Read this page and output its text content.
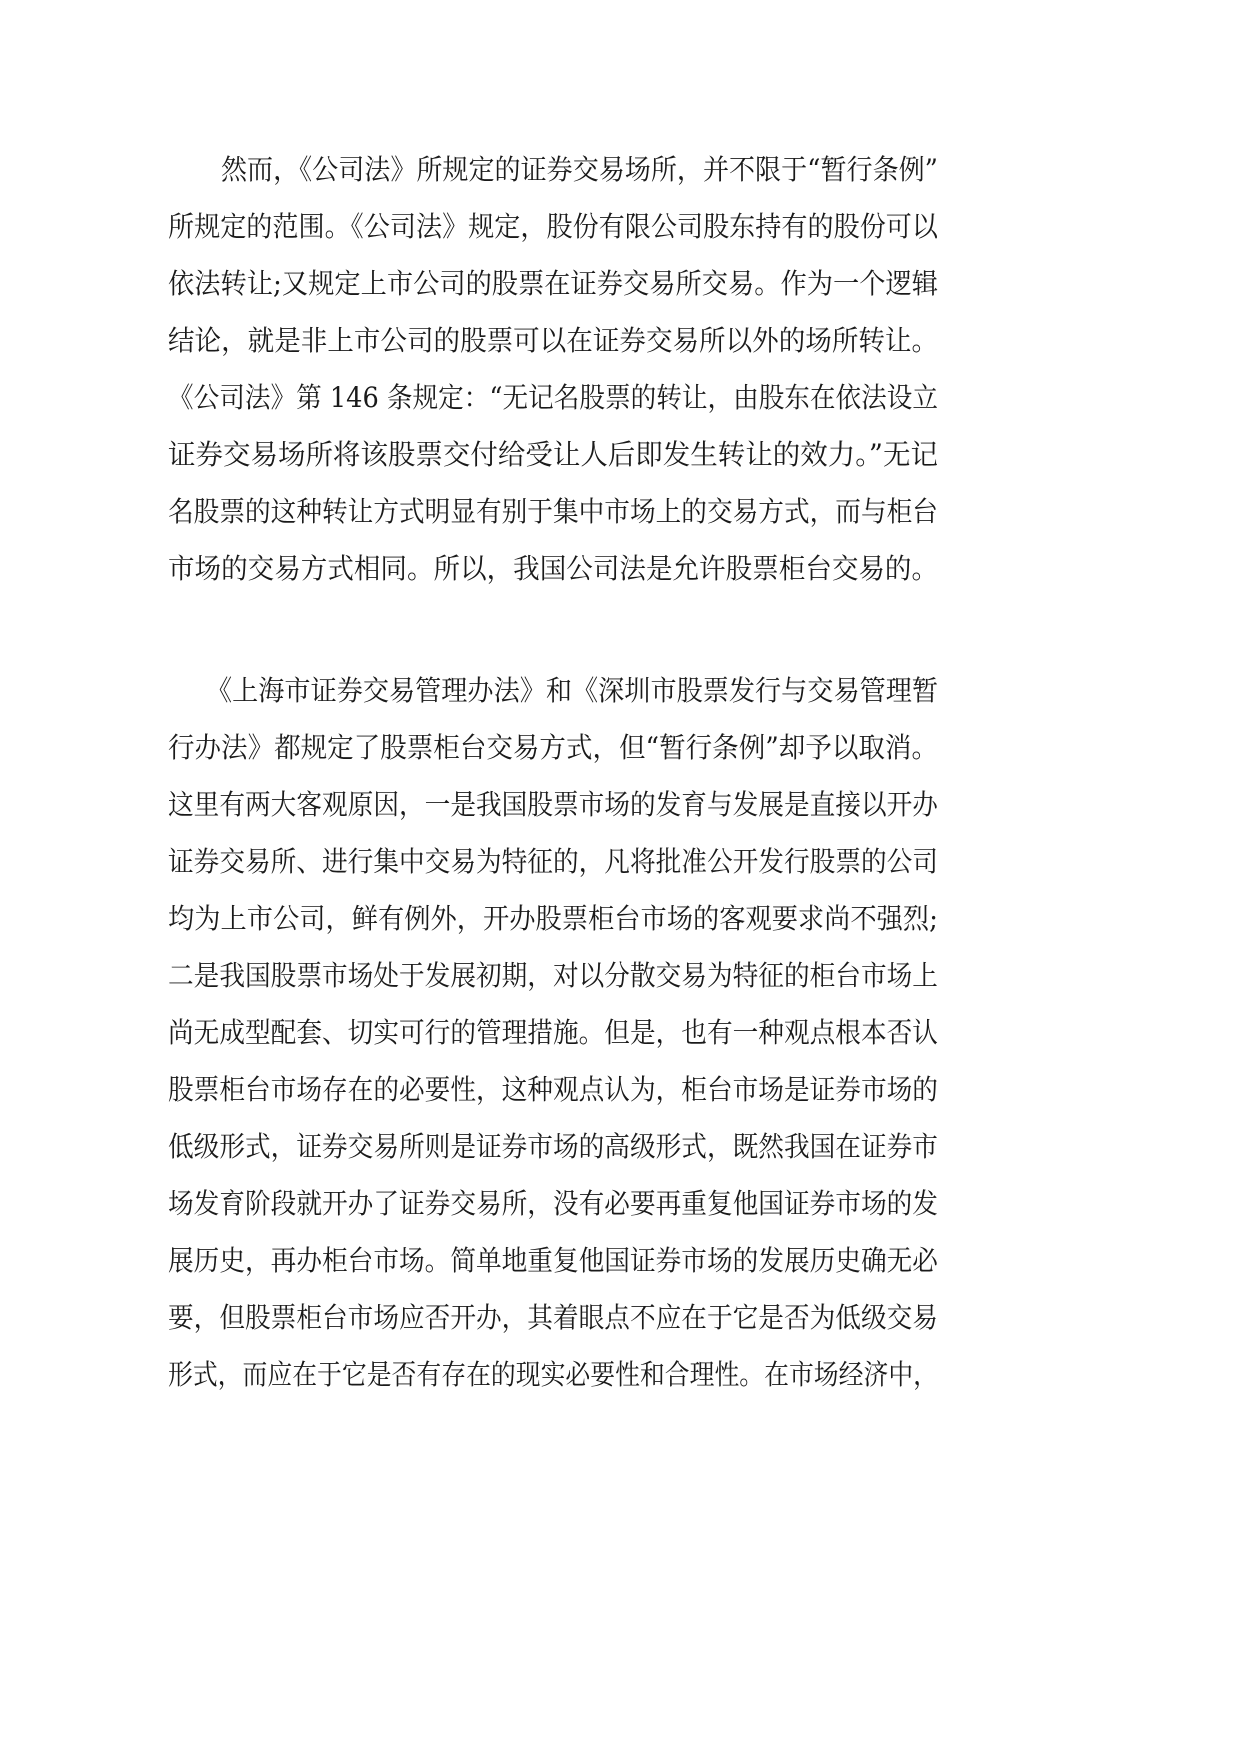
然而，《公司法》所规定的证券交易场所，并不限于“暂行条例”

所规定的范围。《公司法》规定，股份有限公司股东持有的股份可以

依法转让;又规定上市公司的股票在证券交易所交易。作为一个逻辑

结论，就是非上市公司的股票可以在证券交易所以外的场所转让。

《公司法》第 146 条规定：“无记名股票的转让，由股东在依法设立

证券交易场所将该股票交付给受让人后即发生转让的效力。”无记

名股票的这种转让方式明显有别于集中市场上的交易方式，而与柜台

市场的交易方式相同。所以，我国公司法是允许股票柜台交易的。

《上海市证券交易管理办法》和《深圳市股票发行与交易管理暂

行办法》都规定了股票柜台交易方式，但“暂行条例”却予以取消。

这里有两大客观原因，一是我国股票市场的发育与发展是直接以开办

证券交易所、进行集中交易为特征的，凡将批准公开发行股票的公司

均为上市公司，鲜有例外，开办股票柜台市场的客观要求尚不强烈;

二是我国股票市场处于发展初期，对以分散交易为特征的柜台市场上

尚无成型配套、切实可行的管理措施。但是，也有一种观点根本否认

股票柜台市场存在的必要性，这种观点认为，柜台市场是证券市场的

低级形式，证券交易所则是证券市场的高级形式，既然我国在证券市

场发育阶段就开办了证券交易所，没有必要再重复他国证券市场的发

展历史，再办柜台市场。简单地重复他国证券市场的发展历史确无必

要，但股票柜台市场应否开办，其着眼点不应在于它是否为低级交易

形式，而应在于它是否有存在的现实必要性和合理性。在市场经济中，
